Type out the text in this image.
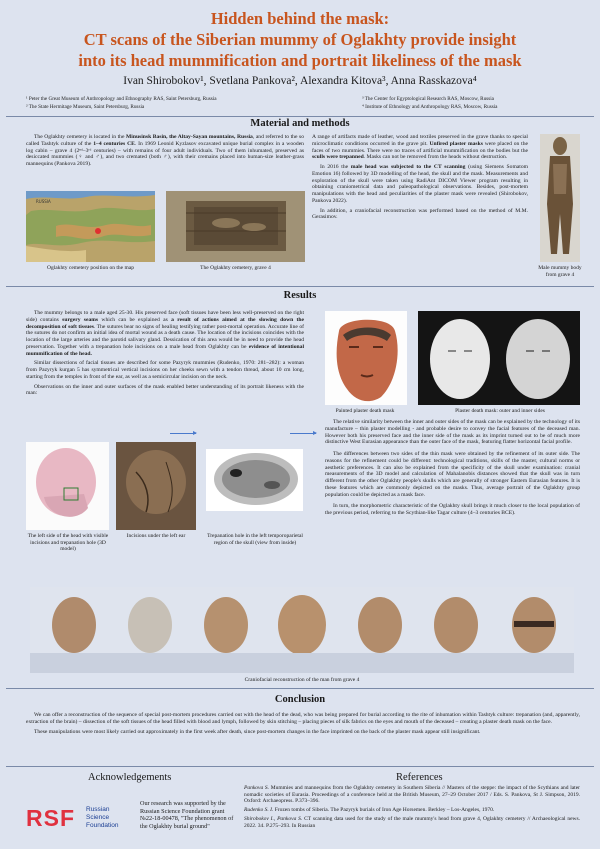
Hidden behind the mask:
CT scans of the Siberian mummy of Oglakhty provide insight
into its head mummification and portrait likeliness of the mask
Ivan Shirobokov¹, Svetlana Pankova², Alexandra Kitova³, Anna Rasskazova⁴
¹ Peter the Great Museum of Anthropology and Ethnography RAS, Saint Petersburg, Russia
² The State Hermitage Museum, Saint Petersburg, Russia
³ The Center for Egyptological Research RAS, Moscow, Russia
⁴ Institute of Ethnology and Anthropology RAS, Moscow, Russia
Material and methods

The Oglakhty cemetery is located in the Minusinsk Basin, the Altay-Sayan mountains, Russia, and referred to the so called Tashtyk culture of the 1–4 centuries CE. In 1969 Leonid Kyzlasov excavated unique burial complex in a wooden log cabin – grave 4 (2ⁿᵈ–3ʳᵈ centuries) – with remains of four adult individuals. Two of them inhumated, preserved as desiccated mummies (♀ and ♂), and two cremated (both ♂), with their cremains placed into human-size leather-grass mannequins (Pankova 2019).

RUSSIA
Oglakhty cemetery position on the map	The Oglakhty cemetery, grave 4

A range of artifacts made of leather, wood and textiles preserved in the grave thanks to special microclimatic conditions occurred in the grave pit. Unfired plaster masks were placed on the faces of two mummies. There were no traces of artificial mummification on the bodies but the sculls were trepanned. Masks can not be removed from the heads without destruction.

In 2016 the male head was subjected to the CT scanning (using Siemens Somatom Emotion 16) followed by 3D modelling of the head, the skull and the mask. Measurements and exploration of the skull were taken using RadiAnt DICOM Viewer program resulting in obtaining craniometrical data and paleopathological observations. Besides, post-mortem manipulations with the head and peculiarities of the plaster mask were revealed (Shirobokov, Pankova 2022).

In addition, a craniofacial reconstruction was performed based on the method of M.M. Gerasimov.

Male mummy body from grave 4
Results

The mummy belongs to a male aged 25-30. His preserved face (soft tissues have been less well-preserved on the right side) contains surgery seams which can be explained as a result of actions aimed at the slowing down the decomposition of soft tissues. The sutures bear no signs of healing testifying rather post-mortal operation. Accurate line of the sutures do not confirm an initial idea of mortal wound as a death cause. The location of the incisions coincides with the location of the large arteries and the parotid salivary gland. Dessication of this area would be in need to provide the head preservation. Together with a trepanation hole incisions on a male head from Oglakhty can be evidence of intentional mummification of the head.

Similar dissections of facial tissues are described for some Pazyryk mummies (Rudenko, 1970: 281–282): a woman from Pazyryk kurgan 5 has symmetrical vertical incisions on her cheeks sewn with a tendon thread, about 10 cm long, starting from the temples in front of the ear, as well as a semicircular incision on the neck.

Observations on the inner and outer surfaces of the mask enabled better understanding of its portrait likeness with the man:

The left side of the head with visible incisions and trepanation hole (3D model)
Incisions under the left ear	Trepanation hole in the left temporoparietal region of the skull (view from inside)
Painted plaster death mask	Plaster death mask: outer and inner sides

The relative similarity between the inner and outer sides of the mask can be explained by the technology of its manufacture – thin plaster modelling - and probable desire to convey the facial features of the deceased man. However both his preserved face and the inner side of the mask as its imprint turned out to be of much more distinctive West Eurasian appearance than the outer face of the mask, featuring flatter horizontal facial profile.

The differences between two sides of the thin mask were obtained by the refinement of its outer side. The reasons for the refinement could be different: technological traditions, skills of the master, cultural norms or aesthetic preferences. It can also be explained from the specificity of the skull under examination: cranial measurements of the 3D model and calculation of Mahalanobis distances showed that the skull was in turn different from the other Oglakhty people's skulls which are generally of stronger Eastern Eurasian features. It is these features which are commonly depicted on the masks. Thus, average portrait of the Oglakhty group population could be depicted as a mask face.

In turn, the morphometric characteristic of the Oglakhty skull brings it much closer to the local population of the previous period, referring to the Scythian-like Tagar culture (4–3 centuries BCE).

Craniofacial reconstruction of the man from grave 4
Conclusion

We can offer a reconstruction of the sequence of special post-mortem procedures carried out with the head of the dead, who was being prepared for burial according to the rite of inhumation within Tashtyk culture: trepanation (and, apparently, extraction of the brain) – dissection of the soft tissues of the head filled with blood and lymph, followed by skin stitching – placing pieces of silk fabrics on the eyes and mouth of the deceased – creating a plaster death mask on the face.

These manipulations were most likely carried out approximately in the first week after death, since post-mortem changes in the face imprinted on the back of the plaster mask appear still insignificant.

Acknowledgements
RSF Russian
Science
Foundation
Our research was supported by the Russian Science Foundation grant №22-18-00478, "The phenomenon of the Oglakhty burial ground"
References

Pankova S. Mummies and mannequins from the Oglakhty cemetery in Southern Siberia // Masters of the steppe: the impact of the Scythians and later nomadic societies of Eurasia. Proceedings of a conference held at the British Museum, 27–29 October 2017 / Eds. S. Pankova, St J. Simpson, 2019. Oxford: Archaeopress. P.373–396.

Rudenko S. I. Frozen tombs of Siberia. The Pazyryk burials of Iron Age Horsemen. Berkley – Los-Angeles, 1970.

Shirobokov I., Pankova S. CT scanning data used for the study of the male mummy's head from grave 4, Oglakhty cemetery // Archaeological news. 2022. 34. P.275–293. In Russian
